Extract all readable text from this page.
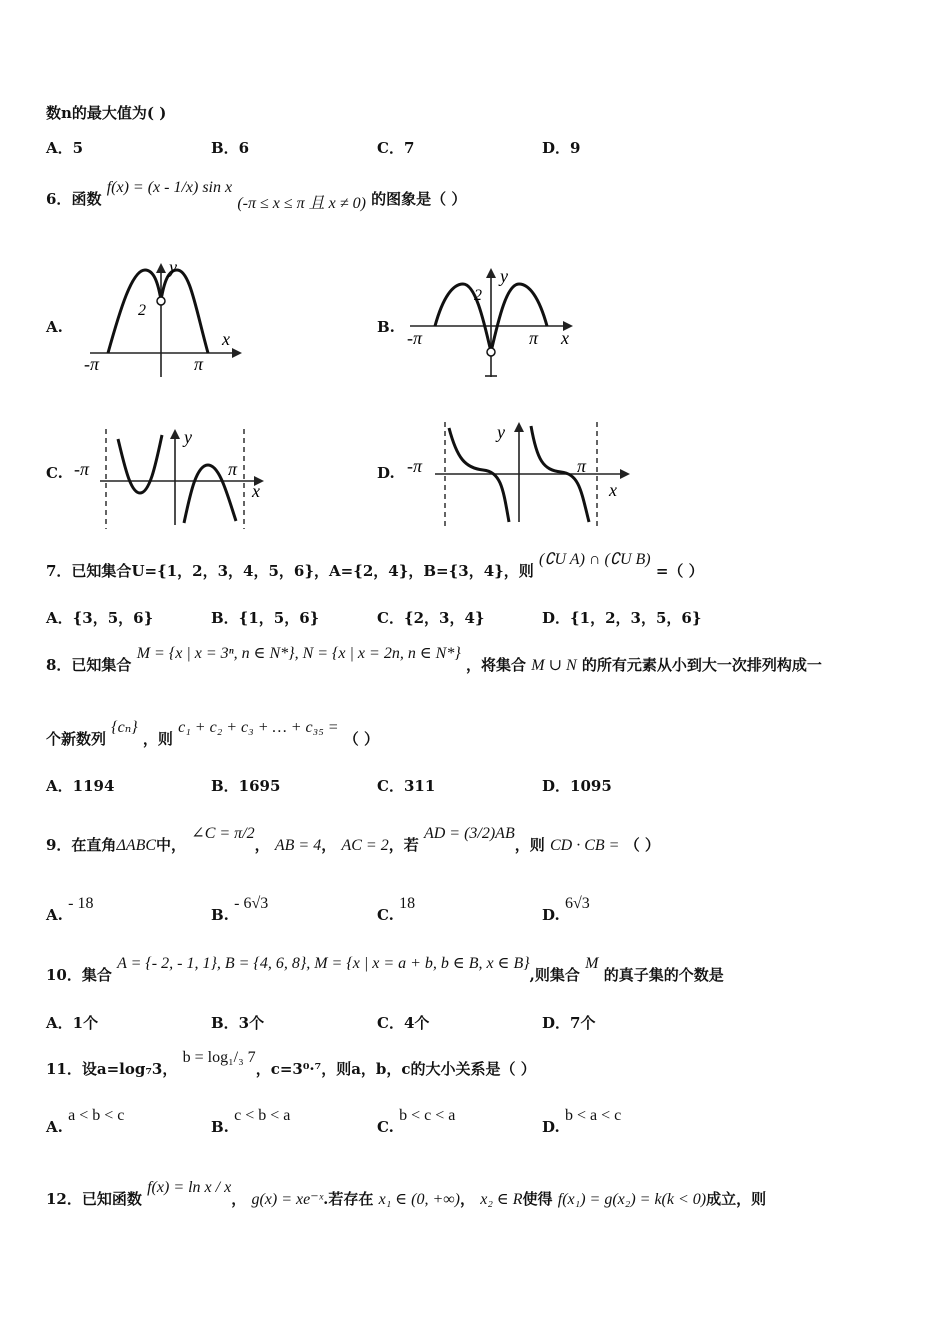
数n的最大值为( )
A．5	B．6	C．7	D．9
6．函数 f(x) = (x - 1/x) sin x (-π ≤ x ≤ π 且 x ≠ 0) 的图象是（ ）
A.	B.
C.	D.
y
x
2
-π	π
y
x
2
-π	π
y
x
-π	π
y
x
-π	π
7．已知集合U={1，2，3，4，5，6}，A={2，4}，B={3，4}，则 (∁U A) ∩ (∁U B) =（ ）
A．{3，5，6}	B．{1，5，6}	C．{2，3，4}	D．{1，2，3，5，6}
8．已知集合 M = {x | x = 3ⁿ, n ∈ N*}, N = {x | x = 2n, n ∈ N*} ，将集合 M ∪ N 的所有元素从小到大一次排列构成一
个新数列 {cₙ} ，则 c₁ + c₂ + c₃ + … + c₃₅ = （ ）
A．1194	B．1695	C．311	D．1095
9．在直角ΔABC中， ∠C = π/2， AB = 4， AC = 2，若 AD = (3/2)AB，则 CD · CB = （ ）
A. - 18
B. - 6√3
C. 18
D. 6√3
10．集合 A = {- 2, - 1, 1}, B = {4, 6, 8}, M = {x | x = a + b, b ∈ B, x ∈ B},则集合 M 的真子集的个数是
A．1个	B．3个	C．4个	D．7个
11．设a=log₇3， b = log₁/₃ 7，c=3⁰·⁷，则a，b，c的大小关系是（ ）
A. a < b < c
B. c < b < a
C. b < c < a
D. b < a < c
12．已知函数 f(x) = ln x / x， g(x) = xe⁻ˣ.若存在 x₁ ∈ (0, +∞)， x₂ ∈ R使得 f(x₁) = g(x₂) = k(k < 0)成立，则
